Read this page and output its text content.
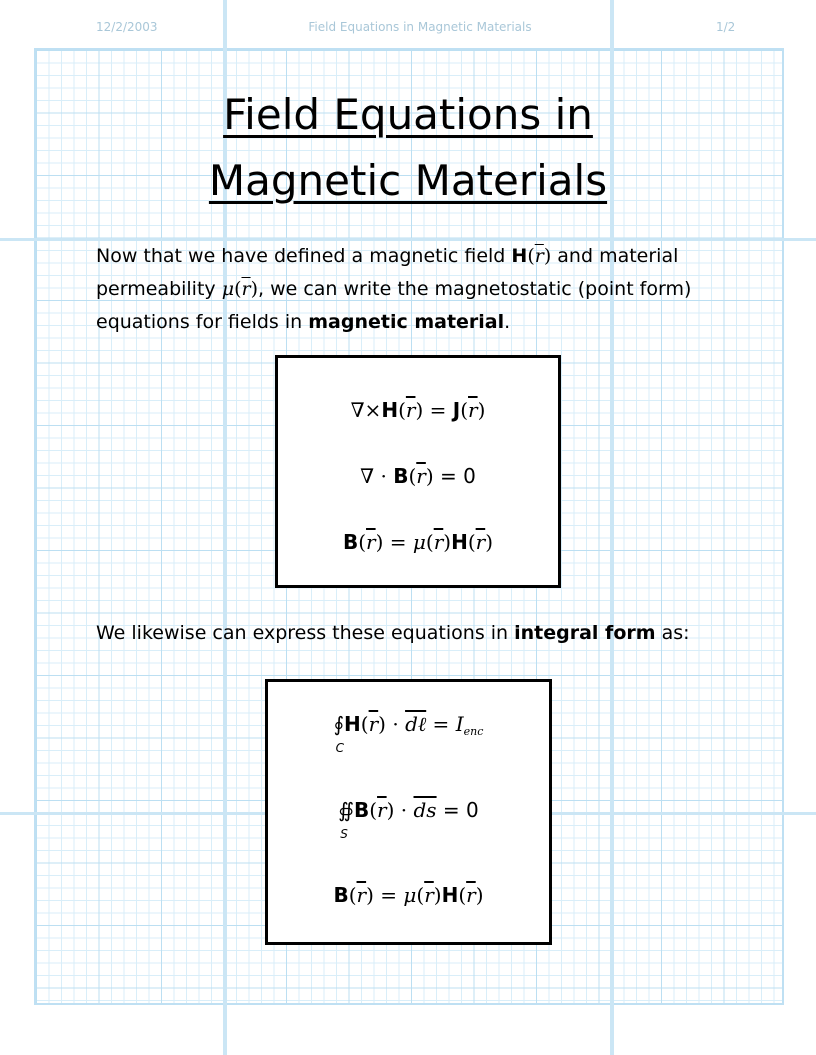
12/2/2003	Field Equations in Magnetic Materials	1/2
Field Equations in
Magnetic Materials
Now that we have defined a magnetic field $H(\overline{r})$ and material permeability $\mu(\overline{r})$, we can write the magnetostatic (point form) equations for fields in magnetic material.
$\nabla\times H(\overline{r}) = J(\overline{r})$
∇ · $B(\overline{r}) = 0$
$B(\overline{r}) = \mu(\overline{r})H(\overline{r})$
We likewise can express these equations in integral form as:
∮
C
$H(\overline{r})$ · dℓ = $I_{enc}$
∯
S
$B(\overline{r}) \cdot \overline{ds} = 0$
$B(\overline{r}) = \mu(\overline{r})H(\overline{r})$
